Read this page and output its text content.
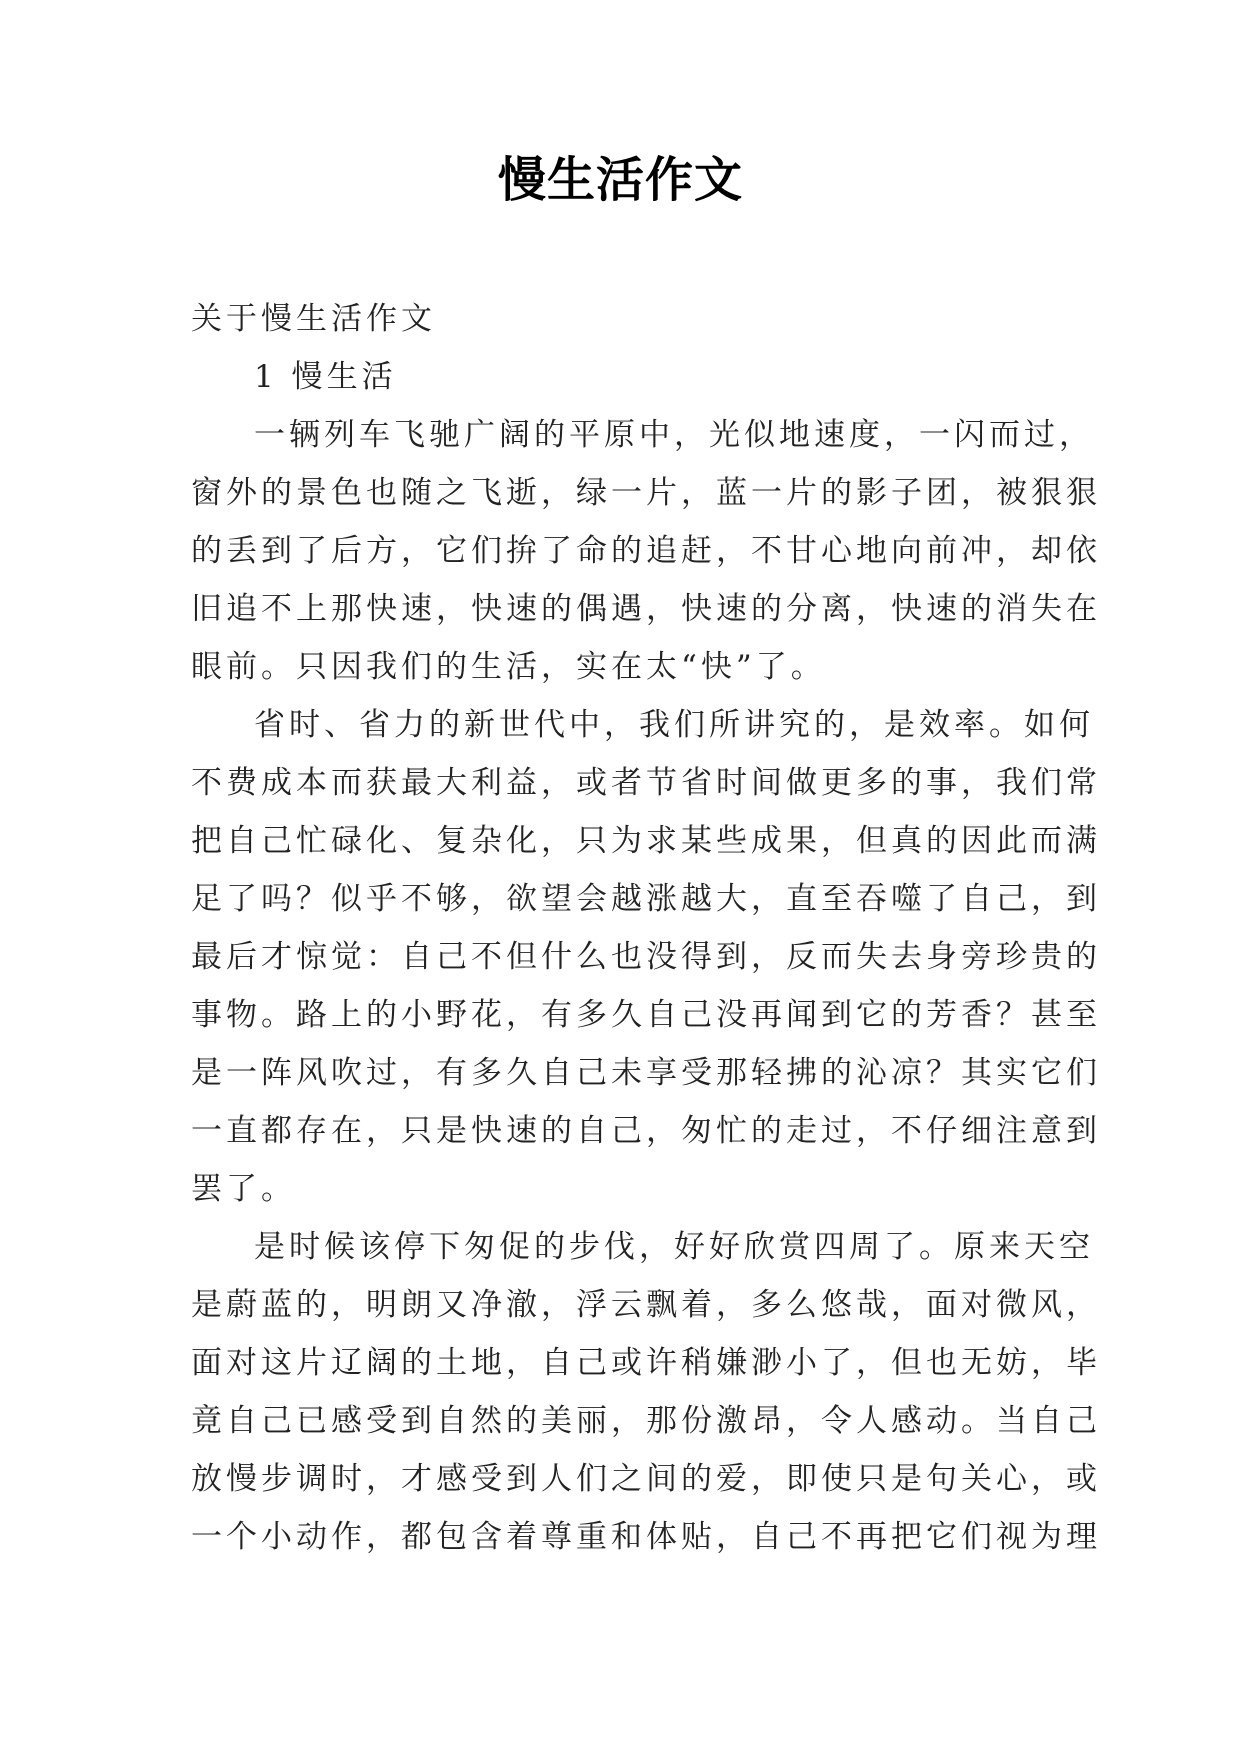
慢生活作文
关于慢生活作文
1 慢生活
一辆列车飞驰广阔的平原中，光似地速度，一闪而过，
窗外的景色也随之飞逝，绿一片，蓝一片的影子团，被狠狠
的丢到了后方，它们拚了命的追赶，不甘心地向前冲，却依
旧追不上那快速，快速的偶遇，快速的分离，快速的消失在
眼前。只因我们的生活，实在太“快”了。
省时、省力的新世代中，我们所讲究的，是效率。如何
不费成本而获最大利益，或者节省时间做更多的事，我们常
把自己忙碌化、复杂化，只为求某些成果，但真的因此而满
足了吗？似乎不够，欲望会越涨越大，直至吞噬了自己，到
最后才惊觉：自己不但什么也没得到，反而失去身旁珍贵的
事物。路上的小野花，有多久自己没再闻到它的芳香？甚至
是一阵风吹过，有多久自己未享受那轻拂的沁凉？其实它们
一直都存在，只是快速的自己，匆忙的走过，不仔细注意到
罢了。
是时候该停下匆促的步伐，好好欣赏四周了。原来天空
是蔚蓝的，明朗又净澈，浮云飘着，多么悠哉，面对微风，
面对这片辽阔的土地，自己或许稍嫌渺小了，但也无妨，毕
竟自己已感受到自然的美丽，那份激昂，令人感动。当自己
放慢步调时，才感受到人们之间的爱，即使只是句关心，或
一个小动作，都包含着尊重和体贴，自己不再把它们视为理
